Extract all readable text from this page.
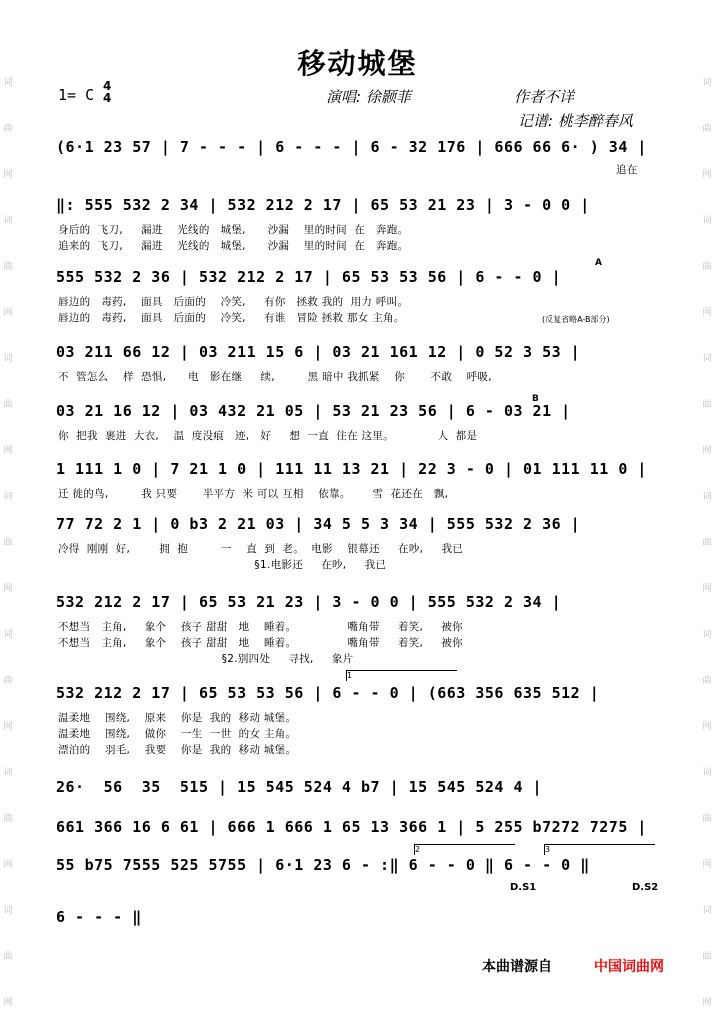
词曲网词曲网词曲网词曲网词曲网词曲网词曲网
词曲网词曲网词曲网词曲网词曲网词曲网词曲网
移动城堡
1= C 4
4	演唱: 徐颢菲	作者不详
记谱: 桃李醉春风
(6·1 23 57 | 7 - - - | 6 - - - | 6 - 32 176 | 666 66 6· ) 34 |
追在
‖: 555 532 2 34 | 532 212 2 17 | 65 53 21 23 | 3 - 0 0 |
身后的  飞刀,     漏进    光线的   城堡,      沙漏    里的时间  在   奔跑。
追来的  飞刀,     漏进    光线的   城堡,      沙漏    里的时间  在   奔跑。
A
555 532 2 36 | 532 212 2 17 | 65 53 53 56 | 6 - - 0 |
唇边的   毒药,    面具   后面的    冷笑,     有你   拯救 我的  用力 呼叫。
唇边的   毒药,    面具   后面的    冷笑,     有谁   冒险 拯救 那女 主角。	(反复省略A-B部分)
03 211 66 12 | 03 211 15 6 | 03 21 161 12 | 0 52 3 53 |
不  管怎么    样  恐惧,      电   影在继     续,         黑 暗中 我抓紧    你       不敢    呼吸,
B
03 21 16 12 | 03 432 21 05 | 53 21 23 56 | 6 - 03 21 |
你  把我  裹进  大衣,    温  度没痕   迹,   好     想  一直  住在 这里。            人  都是
1 111 1 0 | 7 21 1 0 | 111 11 13 21 | 22 3 - 0 | 01 111 11 0 |
迁 徙的鸟,         我 只要       半平方  米 可以 互相    依靠。      雪  花还在   飘,
77 72 2 1 | 0 b3 2 21 03 | 34 5 5 3 34 | 555 532 2 36 |
冷得  刚刚  好,        拥  抱         一    直  到  老。  电影    银幕还     在吵,     我已
§1.电影还     在吵,     我已
532 212 2 17 | 65 53 21 23 | 3 - 0 0 | 555 532 2 34 |
不想当   主角,     象个    孩子 甜甜   地    睡着。              嘴角带     着笑,     被你
不想当   主角,     象个    孩子 甜甜   地    睡着。              嘴角带     着笑,     被你
§2.别四处     寻找,     象片
1
532 212 2 17 | 65 53 53 56 | 6 - - 0 | (663 356 635 512 |
温柔地    围绕,    原来    你是  我的  移动 城堡。
温柔地    围绕,    做你    一生  一世  的女 主角。
漂泊的    羽毛,    我要    你是  我的  移动 城堡。
26·  56  35  515 | 15 545 524 4 b7 | 15 545 524 4 |
661 366 16 6 61 | 666 1 666 1 65 13 366 1 | 5 255 b7272 7275 |
2	3
55 b75 7555 525 5755 | 6·1 23 6 - :‖ 6 - - 0 ‖ 6 - - 0 ‖
D.S1	D.S2
6 - - - ‖
本曲谱源自	中国词曲网
